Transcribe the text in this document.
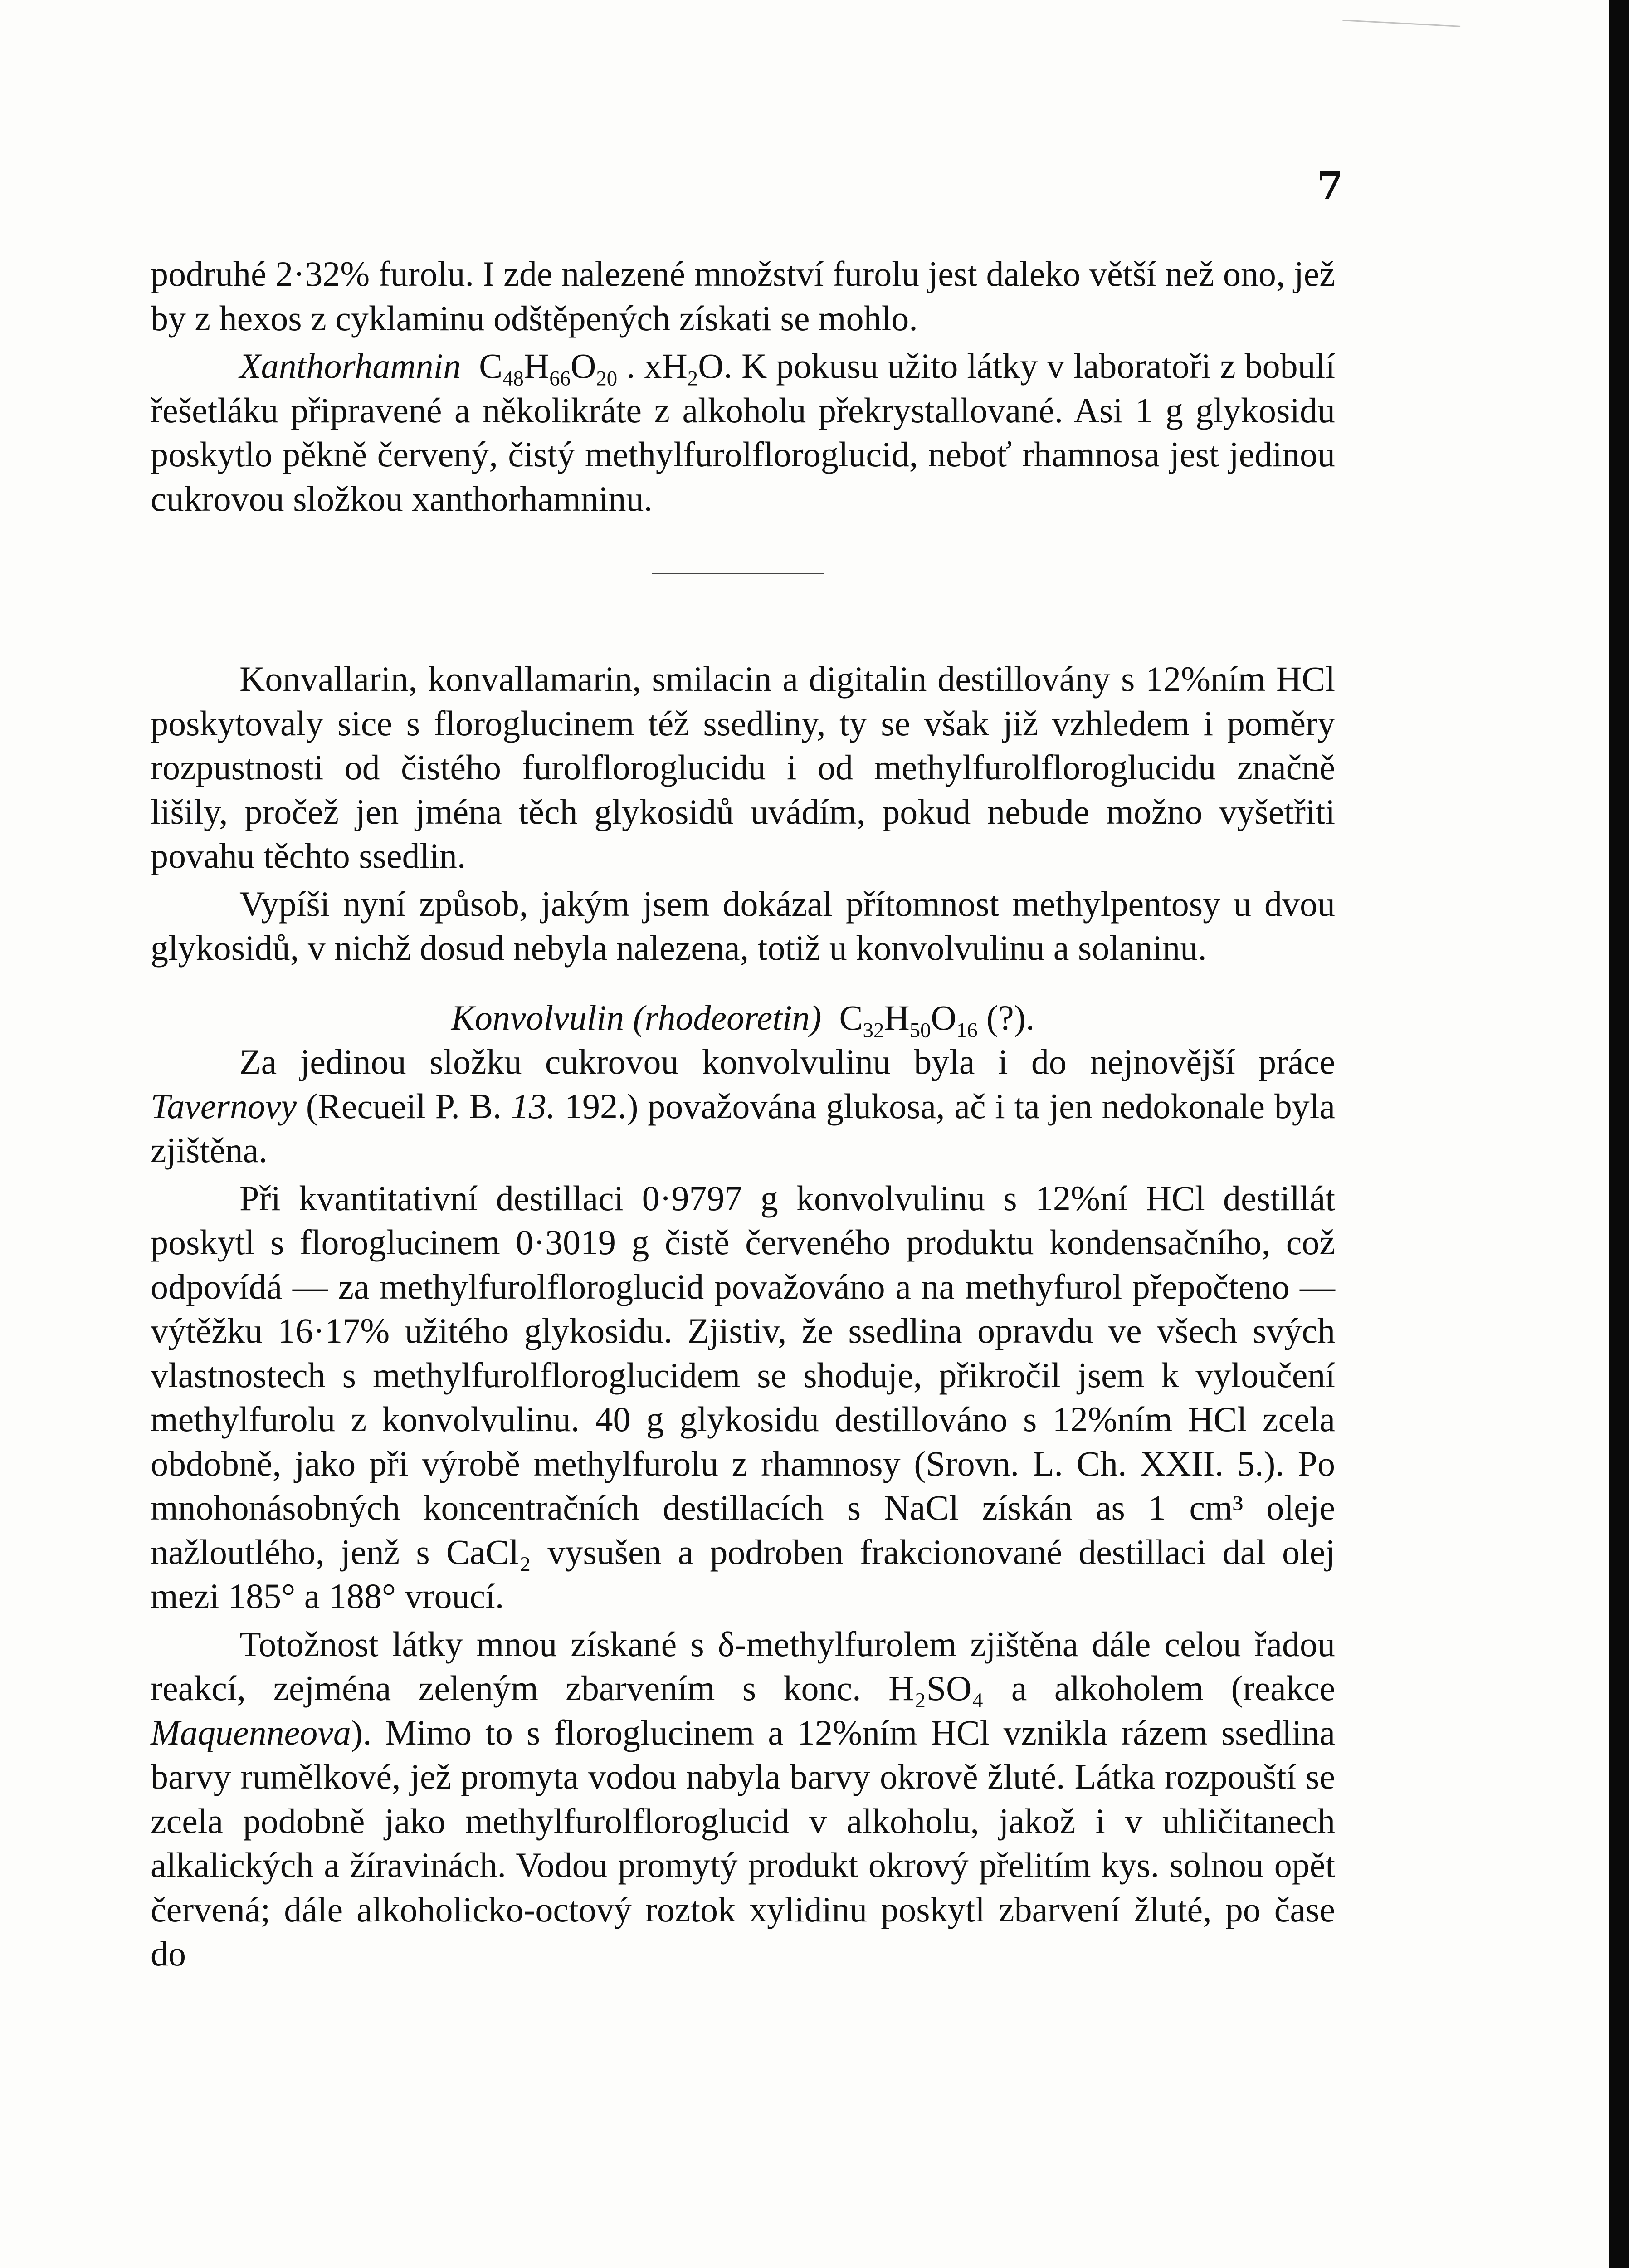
7

podruhé 2·32% furolu. I zde nalezené množství furolu jest daleko větší než ono, jež by z hexos z cyklaminu odštěpených získati se mohlo.

Xanthorhamnin $C_{48}H_{66}O_{20}$ . $xH_2O$. K pokusu užito látky v laboratoři z bobulí řešetláku připravené a několikráte z alkoholu překrystallované. Asi 1 g glykosidu poskytlo pěkně červený, čistý methylfurolfloroglucid, neboť rhamnosa jest jedinou cukrovou složkou xanthorhamninu.

Konvallarin, konvallamarin, smilacin a digitalin destillovány s 12%ním HCl poskytovaly sice s floroglucinem též ssedliny, ty se však již vzhledem i poměry rozpustnosti od čistého furolfloroglucidu i od methylfurolfloroglucidu značně lišily, pročež jen jména těch glykosidů uvádím, pokud nebude možno vyšetřiti povahu těchto ssedlin.

Vypíši nyní způsob, jakým jsem dokázal přítomnost methylpentosy u dvou glykosidů, v nichž dosud nebyla nalezena, totiž u konvolvulinu a solaninu.

Konvolvulin (rhodeoretin) $C_{32}H_{50}O_{16}$ (?).

Za jedinou složku cukrovou konvolvulinu byla i do nejnovější práce Tavernovy (Recueil P. B. 13. 192.) považována glukosa, ač i ta jen nedokonale byla zjištěna.

Při kvantitativní destillaci 0·9797 g konvolvulinu s 12%ní HCl destillát poskytl s floroglucinem 0·3019 g čistě červeného produktu kondensačního, což odpovídá — za methylfurolfloroglucid považováno a na methyfurol přepočteno — výtěžku 16·17% užitého glykosidu. Zjistiv, že ssedlina opravdu ve všech svých vlastnostech s methylfurolfloroglucidem se shoduje, přikročil jsem k vyloučení methylfurolu z konvolvulinu. 40 g glykosidu destillováno s 12%ním HCl zcela obdobně, jako při výrobě methylfurolu z rhamnosy (Srovn. L. Ch. XXII. 5.). Po mnohonásobných koncentračních destillacích s NaCl získán as 1 cm³ oleje nažloutlého, jenž s CaCl₂ vysušen a podroben frakcionované destillaci dal olej mezi 185° a 188° vroucí.

Totožnost látky mnou získané s δ-methylfurolem zjištěna dále celou řadou reakcí, zejména zeleným zbarvením s konc. H₂SO₄ a alkoholem (reakce Maquenneova). Mimo to s floroglucinem a 12%ním HCl vznikla rázem ssedlina barvy rumělkové, jež promyta vodou nabyla barvy okrově žluté. Látka rozpouští se zcela podobně jako methylfurolfloroglucid v alkoholu, jakož i v uhličitanech alkalických a žíravinách. Vodou promytý produkt okrový přelitím kys. solnou opět červená; dále alkoholicko-octový roztok xylidinu poskytl zbarvení žluté, po čase do
